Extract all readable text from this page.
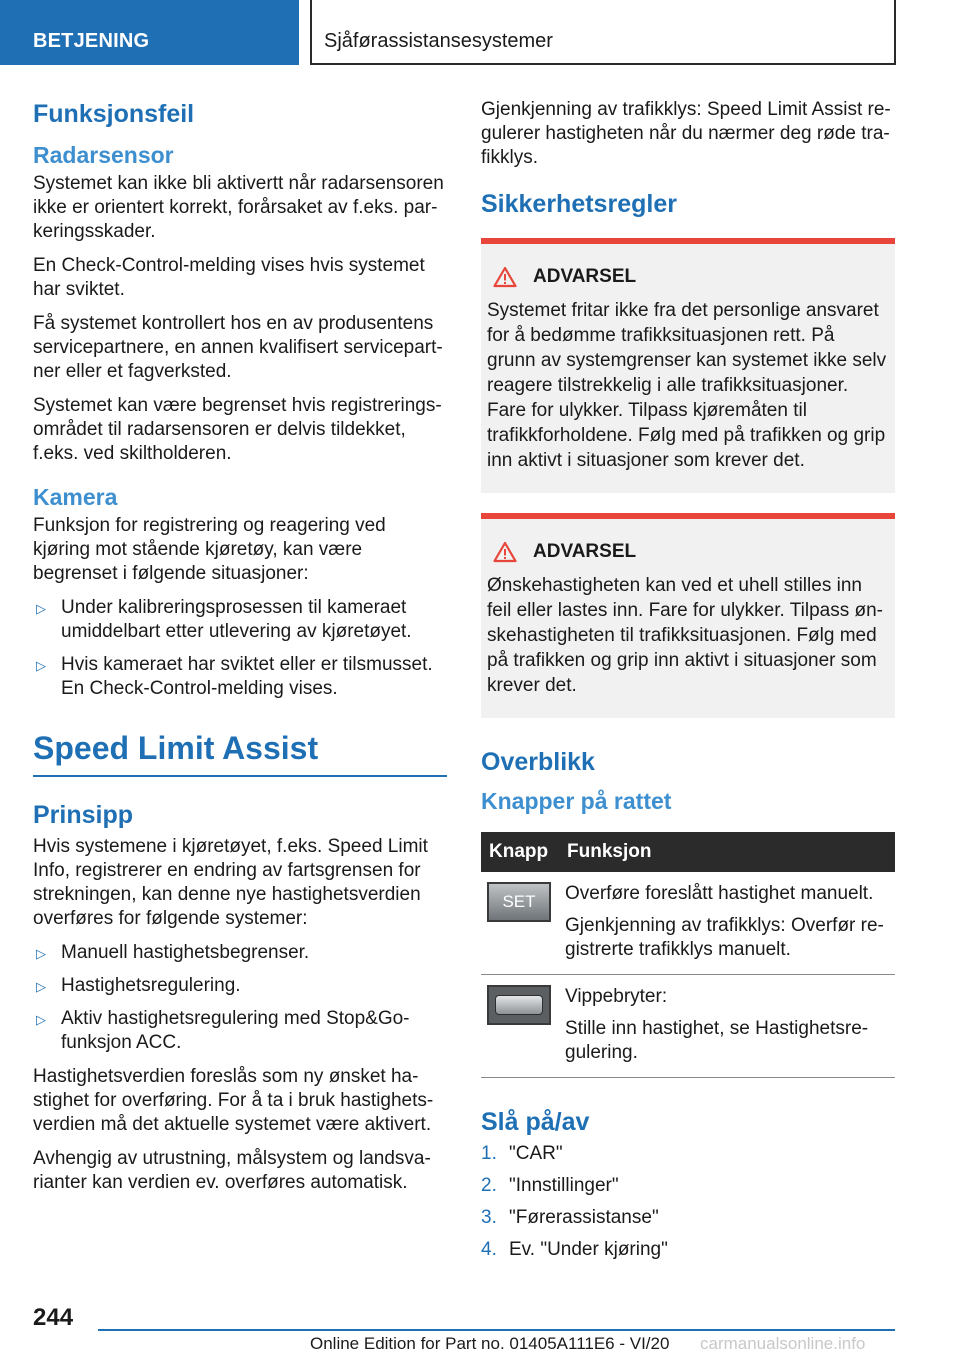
BETJENING	Sjåførassistansesystemer
Funksjonsfeil
Radarsensor

Systemet kan ikke bli aktivertt når radarsensoren ikke er orientert korrekt, forårsaket av f.eks. parkeringsskader.

En Check-Control-melding vises hvis systemet har sviktet.

Få systemet kontrollert hos en av produsentens servicepartnere, en annen kvalifisert servicepartner eller et fagverksted.

Systemet kan være begrenset hvis registreringsområdet til radarsensoren er delvis tildekket, f.eks. ved skiltholderen.

Kamera

Funksjon for registrering og reagering ved kjøring mot stående kjøretøy, kan være begrenset i følgende situasjoner:

▷ Under kalibreringsprosessen til kameraet umiddelbart etter utlevering av kjøretøyet.
▷ Hvis kameraet har sviktet eller er tilsmusset. En Check-Control-melding vises.
Speed Limit Assist
Prinsipp

Hvis systemene i kjøretøyet, f.eks. Speed Limit Info, registrerer en endring av fartsgrensen for strekningen, kan denne nye hastighetsverdien overføres for følgende systemer:

▷ Manuell hastighetsbegrenser.
▷ Hastighetsregulering.
▷ Aktiv hastighetsregulering med Stop&Go-funksjon ACC.

Hastighetsverdien foreslås som ny ønsket hastighet for overføring. For å ta i bruk hastighetsverdien må det aktuelle systemet være aktivert.

Avhengig av utrustning, målsystem og landsvarianter kan verdien ev. overføres automatisk.

Gjenkjenning av trafikklys: Speed Limit Assist regulerer hastigheten når du nærmer deg røde trafikklys.

Sikkerhetsregler
ADVARSEL

Systemet fritar ikke fra det personlige ansvaret for å bedømme trafikksituasjonen rett. På grunn av systemgrenser kan systemet ikke selv reagere tilstrekkelig i alle trafikksituasjoner. Fare for ulykker. Tilpass kjøremåten til trafikkforholdene. Følg med på trafikken og grip inn aktivt i situasjoner som krever det.

ADVARSEL

Ønskehastigheten kan ved et uhell stilles inn feil eller lastes inn. Fare for ulykker. Tilpass ønskehastigheten til trafikksituasjonen. Følg med på trafikken og grip inn aktivt i situasjoner som krever det.

Overblikk
Knapper på rattet
Knapp	Funksjon

SET	Overføre foreslått hastighet manuelt.

Gjenkjenning av trafikklys: Overfør registrerte trafikklys manuelt.

	Vippebryter:

Stille inn hastighet, se Hastighetsregulering.

Slå på/av
1. "CAR"
2. "Innstillinger"
3. "Førerassistanse"
4. Ev. "Under kjøring"
244
Online Edition for Part no. 01405A111E6 - VI/20 carmanualsonline.info
